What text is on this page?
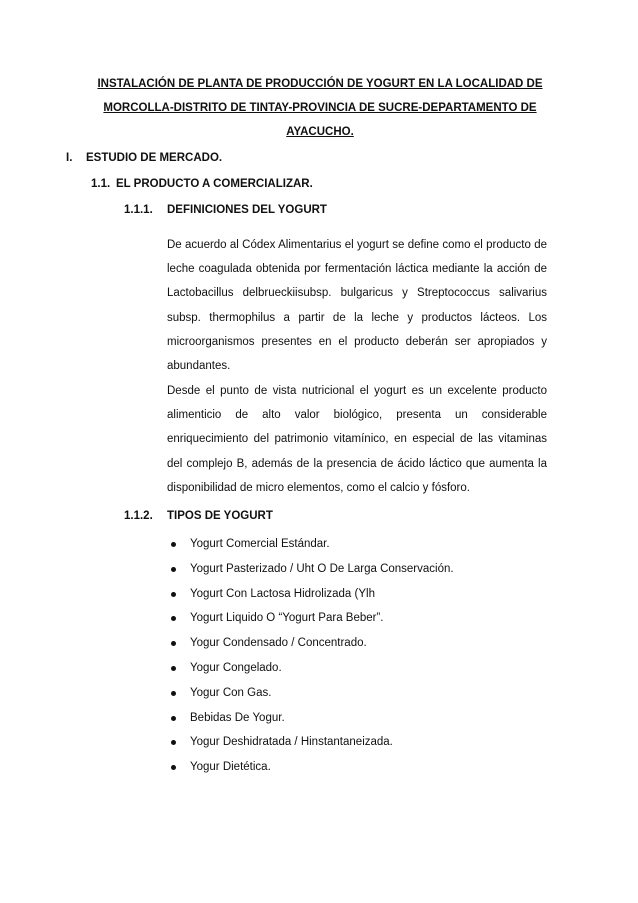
INSTALACIÓN DE PLANTA DE PRODUCCIÓN DE YOGURT EN LA LOCALIDAD DE
MORCOLLA-DISTRITO DE TINTAY-PROVINCIA DE SUCRE-DEPARTAMENTO DE
AYACUCHO.
I. ESTUDIO DE MERCADO.
1.1. EL PRODUCTO A COMERCIALIZAR.
1.1.1. DEFINICIONES DEL YOGURT
De acuerdo al Códex Alimentarius el yogurt se define como el producto de leche coagulada obtenida por fermentación láctica mediante la acción de Lactobacillus delbrueckiisubsp. bulgaricus y Streptococcus salivarius subsp. thermophilus a partir de la leche y productos lácteos. Los microorganismos presentes en el producto deberán ser apropiados y abundantes.
Desde el punto de vista nutricional el yogurt es un excelente producto alimenticio de alto valor biológico, presenta un considerable enriquecimiento del patrimonio vitamínico, en especial de las vitaminas del complejo B, además de la presencia de ácido láctico que aumenta la disponibilidad de micro elementos, como el calcio y fósforo.
1.1.2. TIPOS DE YOGURT
Yogurt Comercial Estándar.
Yogurt Pasterizado / Uht O De Larga Conservación.
Yogurt Con Lactosa Hidrolizada (Ylh
Yogurt Liquido O “Yogurt Para Beber”.
Yogur Condensado / Concentrado.
Yogur Congelado.
Yogur Con Gas.
Bebidas De Yogur.
Yogur Deshidratada / Hinstantaneizada.
Yogur Dietética.
